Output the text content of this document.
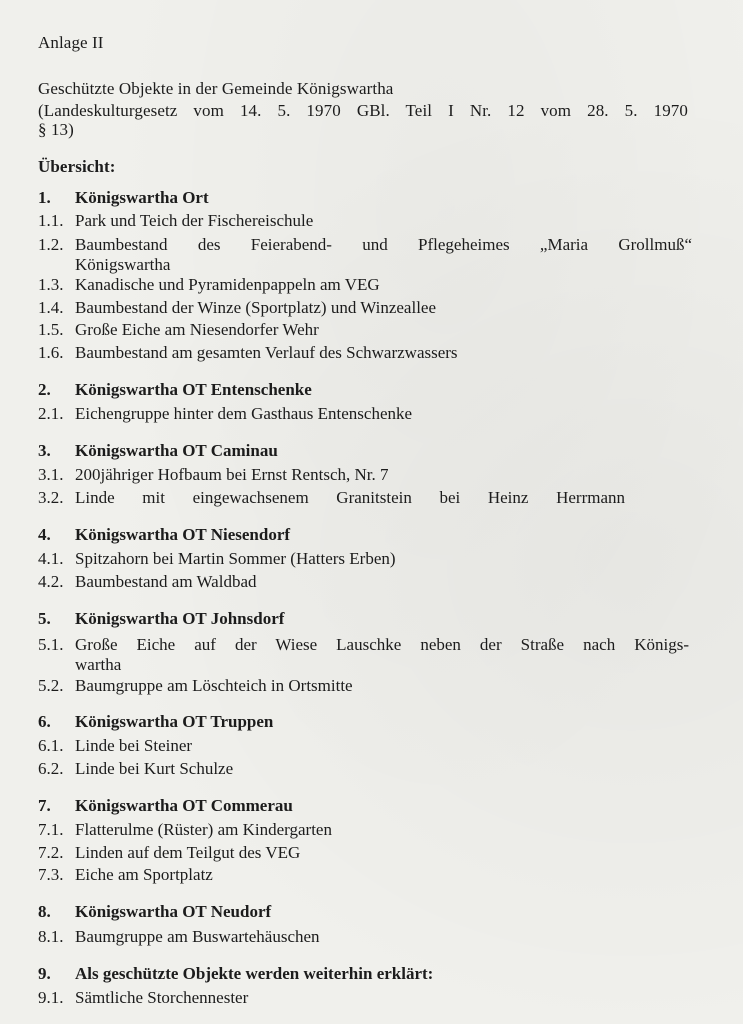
Anlage II
Geschützte Objekte in der Gemeinde Königswartha
(Landeskulturgesetz vom 14. 5. 1970 GBl. Teil I Nr. 12 vom 28. 5. 1970
§ 13)
Übersicht:
1. Königswartha Ort
1.1. Park und Teich der Fischereischule
1.2. Baumbestand des Feierabend- und Pflegeheimes „Maria Grollmuß“
Königswartha
1.3. Kanadische und Pyramidenpappeln am VEG
1.4. Baumbestand der Winze (Sportplatz) und Winzeallee
1.5. Große Eiche am Niesendorfer Wehr
1.6. Baumbestand am gesamten Verlauf des Schwarzwassers
2. Königswartha OT Entenschenke
2.1. Eichengruppe hinter dem Gasthaus Entenschenke
3. Königswartha OT Caminau
3.1. 200jähriger Hofbaum bei Ernst Rentsch, Nr. 7
3.2. Linde mit eingewachsenem Granitstein bei Heinz Herrmann
4. Königswartha OT Niesendorf
4.1. Spitzahorn bei Martin Sommer (Hatters Erben)
4.2. Baumbestand am Waldbad
5. Königswartha OT Johnsdorf
5.1. Große Eiche auf der Wiese Lauschke neben der Straße nach Königs-
wartha
5.2. Baumgruppe am Löschteich in Ortsmitte
6. Königswartha OT Truppen
6.1. Linde bei Steiner
6.2. Linde bei Kurt Schulze
7. Königswartha OT Commerau
7.1. Flatterulme (Rüster) am Kindergarten
7.2. Linden auf dem Teilgut des VEG
7.3. Eiche am Sportplatz
8. Königswartha OT Neudorf
8.1. Baumgruppe am Buswartehäuschen
9. Als geschützte Objekte werden weiterhin erklärt:
9.1. Sämtliche Storchennester
